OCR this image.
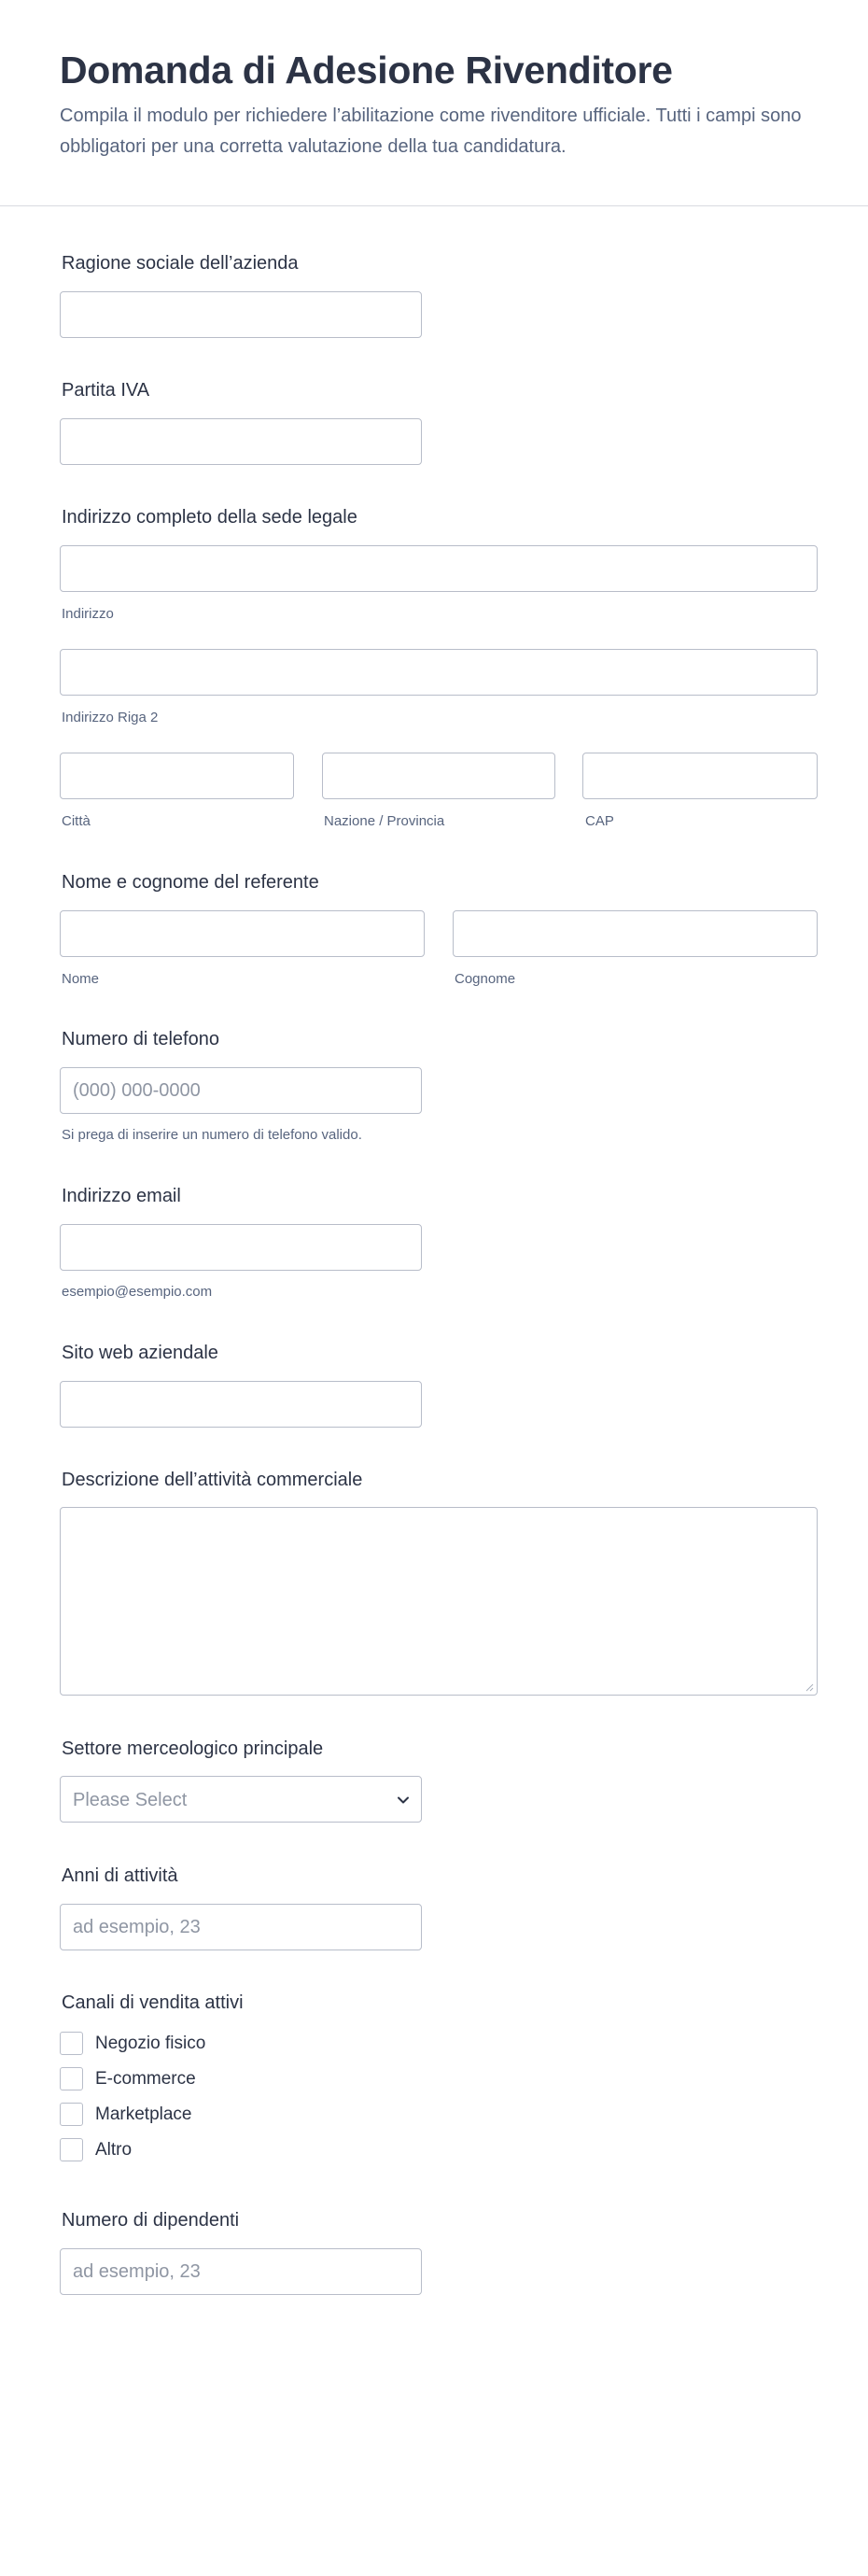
Domanda di Adesione Rivenditore

Compila il modulo per richiedere l’abilitazione come rivenditore ufficiale. Tutti i campi sono obbligatori per una corretta valutazione della tua candidatura.

Ragione sociale dell’azienda
Partita IVA
Indirizzo completo della sede legale
Indirizzo
Indirizzo Riga 2
Città	Nazione / Provincia	CAP
Nome e cognome del referente
Nome	Cognome
Numero di telefono
(000) 000-0000
Si prega di inserire un numero di telefono valido.
Indirizzo email
esempio@esempio.com
Sito web aziendale
Descrizione dell’attività commerciale
Settore merceologico principale
Please Select
Anni di attività
ad esempio, 23
Canali di vendita attivi
Negozio fisico
E-commerce
Marketplace
Altro
Numero di dipendenti
ad esempio, 23
